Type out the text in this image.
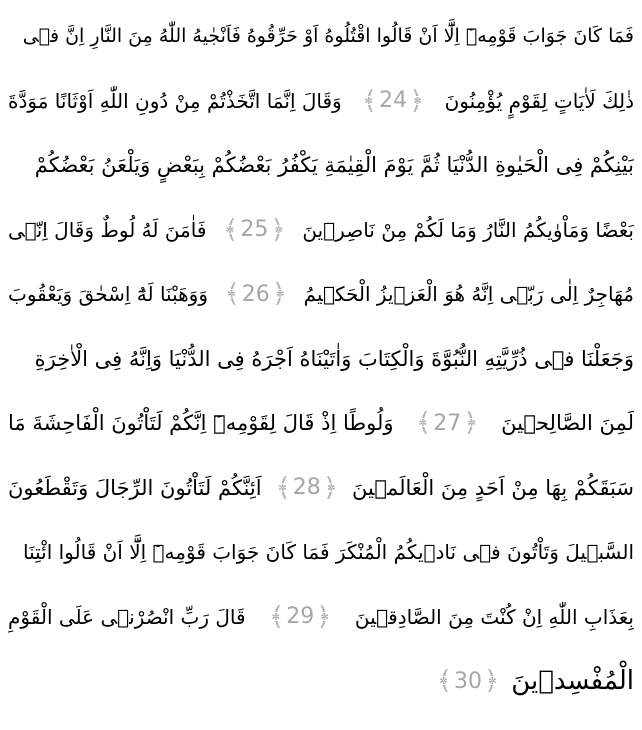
فَمَا كَانَ جَوَابَ قَوْمِه۪ٓ اِلَّٓا اَنْ قَالُوا اقْتُلُوهُ اَوْ حَرِّقُوهُ فَاَنْجٰیهُ اللّٰهُ مِنَ النَّارِ اِنَّ فٖى
ذٰلِكَ لَاٰيَاتٍ لِقَوْمٍ يُؤْمِنُونَ
﴾ 24 ﴿
وَقَالَ اِنَّمَا اتَّخَذْتُمْ مِنْ دُونِ اللّٰهِ اَوْثَانًا مَوَدَّةَ
بَيْنِكُمْ فِى الْحَيٰوةِ الدُّنْيَا ثُمَّ يَوْمَ الْقِيٰمَةِ يَكْفُرُ بَعْضُكُمْ بِبَعْضٍ وَيَلْعَنُ بَعْضُكُمْ
بَعْضًا وَمَاْوٰيكُمُ النَّارُ وَمَا لَكُمْ مِنْ نَاصِرٖينَ
﴾ 25 ﴿
فَاٰمَنَ لَهُ لُوطٌ وَقَالَ اِنّٖى
مُهَاجِرٌ اِلٰى رَبّٖى اِنَّهُ هُوَ الْعَزٖيزُ الْحَكٖيمُ
﴾ 26 ﴿
وَوَهَبْنَا لَهُٓ اِسْحٰقَ وَيَعْقُوبَ
وَجَعَلْنَا فٖى ذُرِّيَّتِهِ النُّبُوَّةَ وَالْكِتَابَ وَاٰتَيْنَاهُ اَجْرَهُ فِى الدُّنْيَا وَاِنَّهُ فِى الْاٰخِرَةِ
لَمِنَ الصَّالِحٖينَ
﴾ 27 ﴿
وَلُوطًا اِذْ قَالَ لِقَوْمِه۪ٓ اِنَّكُمْ لَتَاْتُونَ الْفَاحِشَةَ مَا
سَبَقَكُمْ بِهَا مِنْ اَحَدٍ مِنَ الْعَالَمٖينَ
﴾ 28 ﴿
اَئِنَّكُمْ لَتَاْتُونَ الرِّجَالَ وَتَقْطَعُونَ
السَّبٖيلَ وَتَاْتُونَ فٖى نَادٖيكُمُ الْمُنْكَرَ فَمَا كَانَ جَوَابَ قَوْمِه۪ٓ اِلَّٓا اَنْ قَالُوا ائْتِنَا
بِعَذَابِ اللّٰهِ اِنْ كُنْتَ مِنَ الصَّادِقٖينَ
﴾ 29 ﴿
قَالَ رَبِّ انْصُرْنٖى عَلَى الْقَوْمِ
الْمُفْسِدٖينَ
﴾ 30 ﴿
